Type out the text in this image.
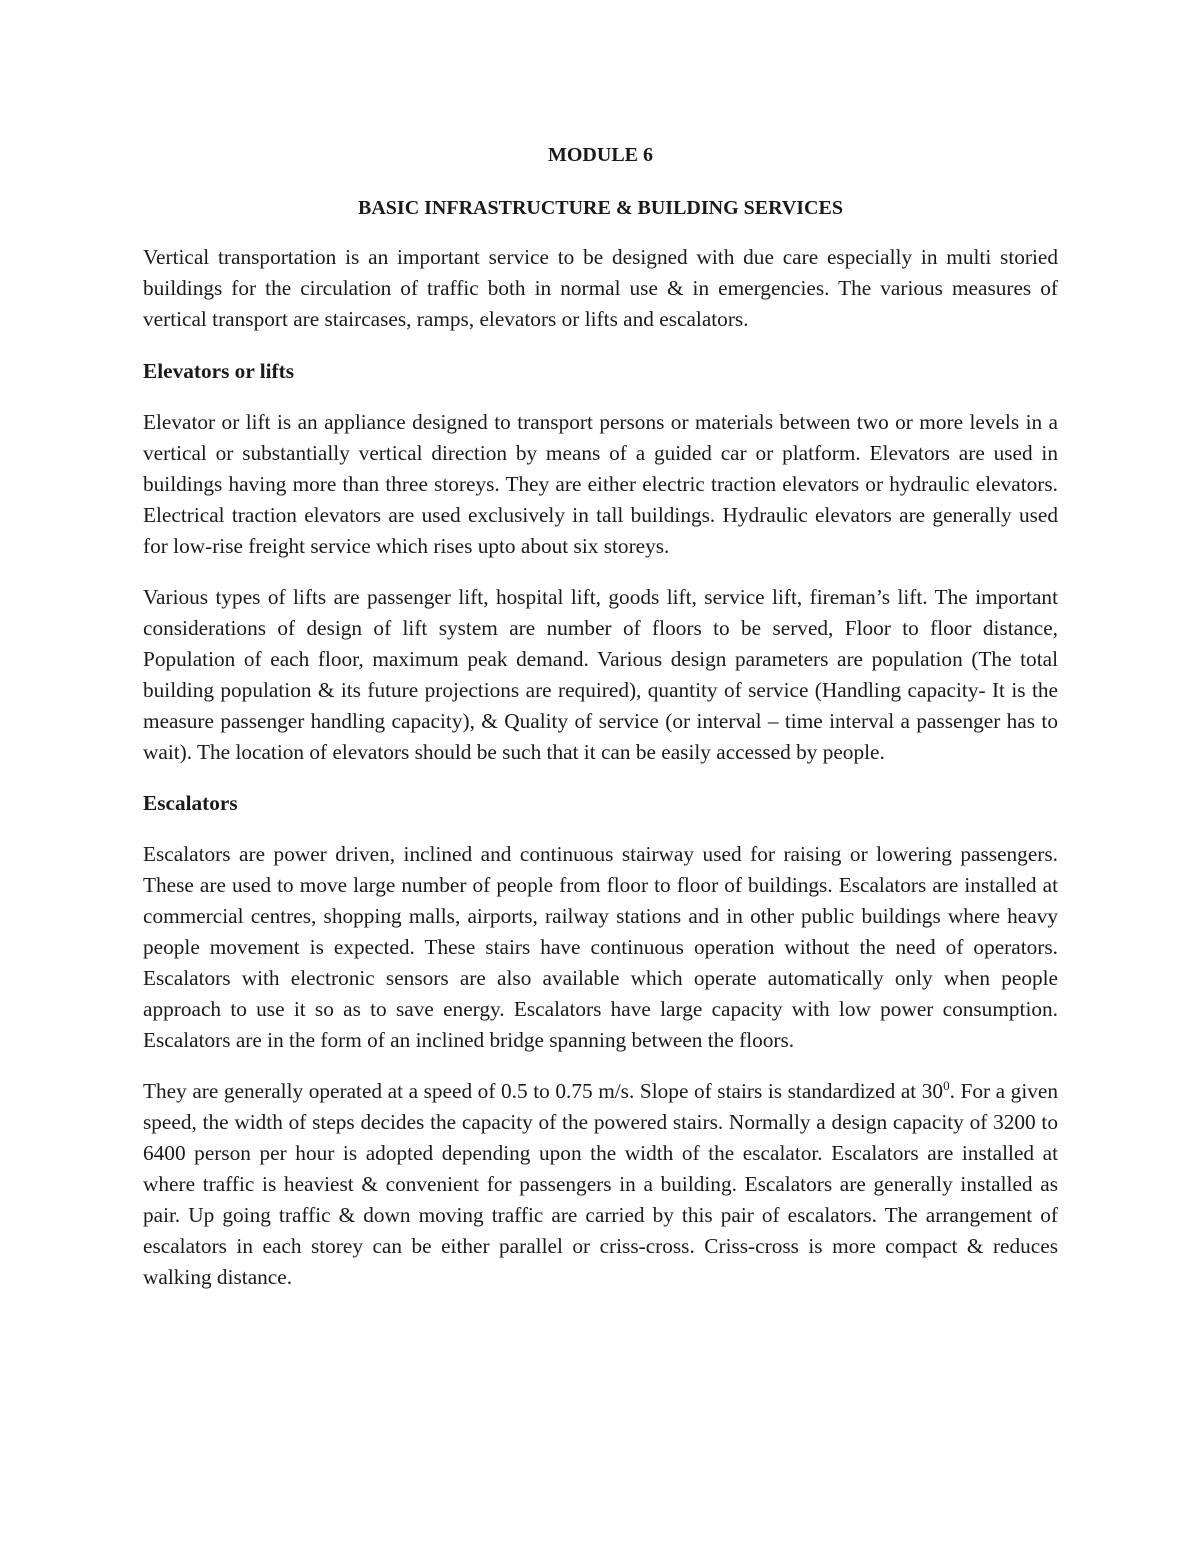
MODULE 6

BASIC INFRASTRUCTURE & BUILDING SERVICES

Vertical transportation is an important service to be designed with due care especially in multi storied buildings for the circulation of traffic both in normal use & in emergencies. The various measures of vertical transport are staircases, ramps, elevators or lifts and escalators.

Elevators or lifts

Elevator or lift is an appliance designed to transport persons or materials between two or more levels in a vertical or substantially vertical direction by means of a guided car or platform. Elevators are used in buildings having more than three storeys. They are either electric traction elevators or hydraulic elevators. Electrical traction elevators are used exclusively in tall buildings. Hydraulic elevators are generally used for low-rise freight service which rises upto about six storeys.

Various types of lifts are passenger lift, hospital lift, goods lift, service lift, fireman’s lift. The important considerations of design of lift system are number of floors to be served, Floor to floor distance, Population of each floor, maximum peak demand. Various design parameters are population (The total building population & its future projections are required), quantity of service (Handling capacity- It is the measure passenger handling capacity), & Quality of service (or interval – time interval a passenger has to wait). The location of elevators should be such that it can be easily accessed by people.

Escalators

Escalators are power driven, inclined and continuous stairway used for raising or lowering passengers. These are used to move large number of people from floor to floor of buildings. Escalators are installed at commercial centres, shopping malls, airports, railway stations and in other public buildings where heavy people movement is expected. These stairs have continuous operation without the need of operators. Escalators with electronic sensors are also available which operate automatically only when people approach to use it so as to save energy. Escalators have large capacity with low power consumption. Escalators are in the form of an inclined bridge spanning between the floors.

They are generally operated at a speed of 0.5 to 0.75 m/s. Slope of stairs is standardized at $30^0$. For a given speed, the width of steps decides the capacity of the powered stairs. Normally a design capacity of 3200 to 6400 person per hour is adopted depending upon the width of the escalator. Escalators are installed at where traffic is heaviest & convenient for passengers in a building. Escalators are generally installed as pair. Up going traffic & down moving traffic are carried by this pair of escalators. The arrangement of escalators in each storey can be either parallel or criss-cross. Criss-cross is more compact & reduces walking distance.
